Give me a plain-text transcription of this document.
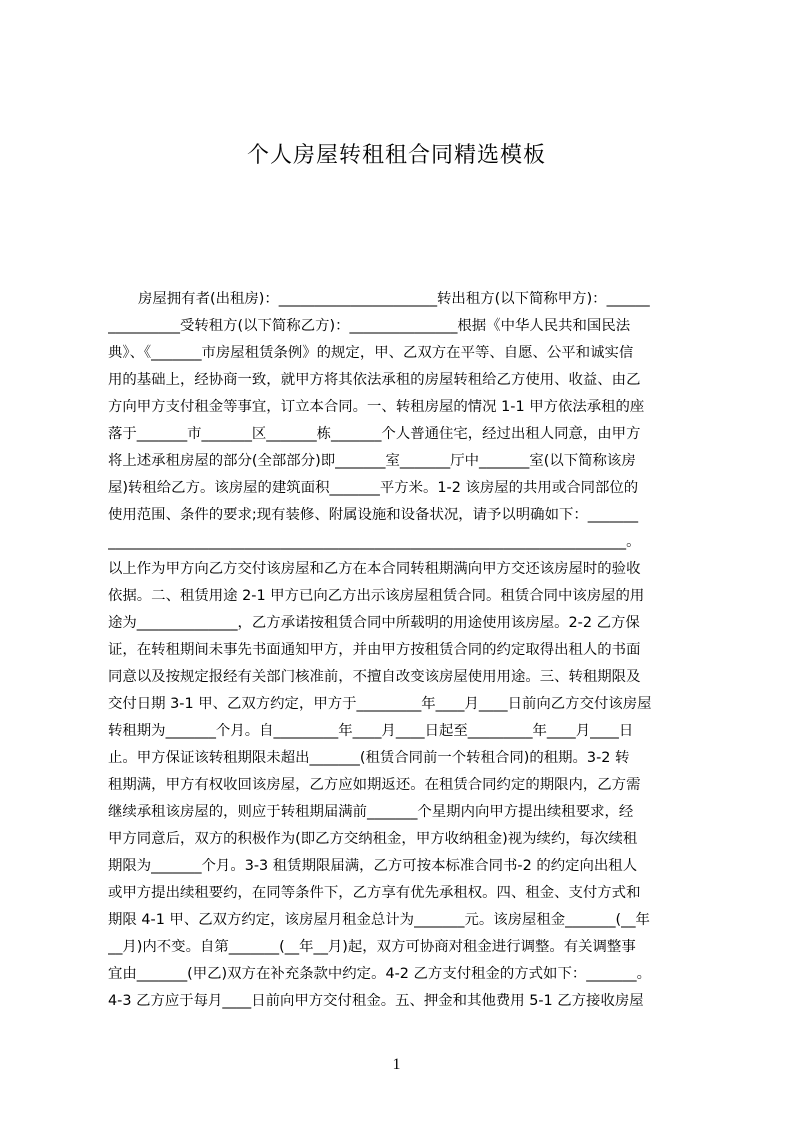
个人房屋转租租合同精选模板
房屋拥有者(出租房)：______________________转出租方(以下简称甲方)：______
__________受转租方(以下简称乙方)：_______________根据《中华人民共和国民法
典》、《_______市房屋租赁条例》的规定，甲、乙双方在平等、自愿、公平和诚实信
用的基础上，经协商一致，就甲方将其依法承租的房屋转租给乙方使用、收益、由乙
方向甲方支付租金等事宜，订立本合同。一、转租房屋的情况 1-1 甲方依法承租的座
落于_______市_______区_______栋_______个人普通住宅，经过出租人同意，由甲方
将上述承租房屋的部分(全部部分)即_______室_______厅中_______室(以下简称该房
屋)转租给乙方。该房屋的建筑面积_______平方米。1-2 该房屋的共用或合同部位的
使用范围、条件的要求;现有装修、附属设施和设备状况，请予以明确如下：_______
________________________________________________________________________。
以上作为甲方向乙方交付该房屋和乙方在本合同转租期满向甲方交还该房屋时的验收
依据。二、租赁用途 2-1 甲方已向乙方出示该房屋租赁合同。租赁合同中该房屋的用
途为______________，乙方承诺按租赁合同中所载明的用途使用该房屋。2-2 乙方保
证，在转租期间未事先书面通知甲方，并由甲方按租赁合同的约定取得出租人的书面
同意以及按规定报经有关部门核准前，不擅自改变该房屋使用用途。三、转租期限及
交付日期 3-1 甲、乙双方约定，甲方于_________年____月____日前向乙方交付该房屋
转租期为_______个月。自_________年____月____日起至_________年____月____日
止。甲方保证该转租期限未超出_______(租赁合同前一个转租合同)的租期。3-2 转
租期满，甲方有权收回该房屋，乙方应如期返还。在租赁合同约定的期限内，乙方需
继续承租该房屋的，则应于转租期届满前_______个星期内向甲方提出续租要求，经
甲方同意后，双方的积极作为(即乙方交纳租金，甲方收纳租金)视为续约，每次续租
期限为_______个月。3-3 租赁期限届满，乙方可按本标准合同书-2 的约定向出租人
或甲方提出续租要约，在同等条件下，乙方享有优先承租权。四、租金、支付方式和
期限 4-1 甲、乙双方约定，该房屋月租金总计为_______元。该房屋租金_______(__年
__月)内不变。自第_______(__年__月)起，双方可协商对租金进行调整。有关调整事
宜由_______(甲乙)双方在补充条款中约定。4-2 乙方支付租金的方式如下：_______。
4-3 乙方应于每月____日前向甲方交付租金。五、押金和其他费用 5-1 乙方接收房屋
1
